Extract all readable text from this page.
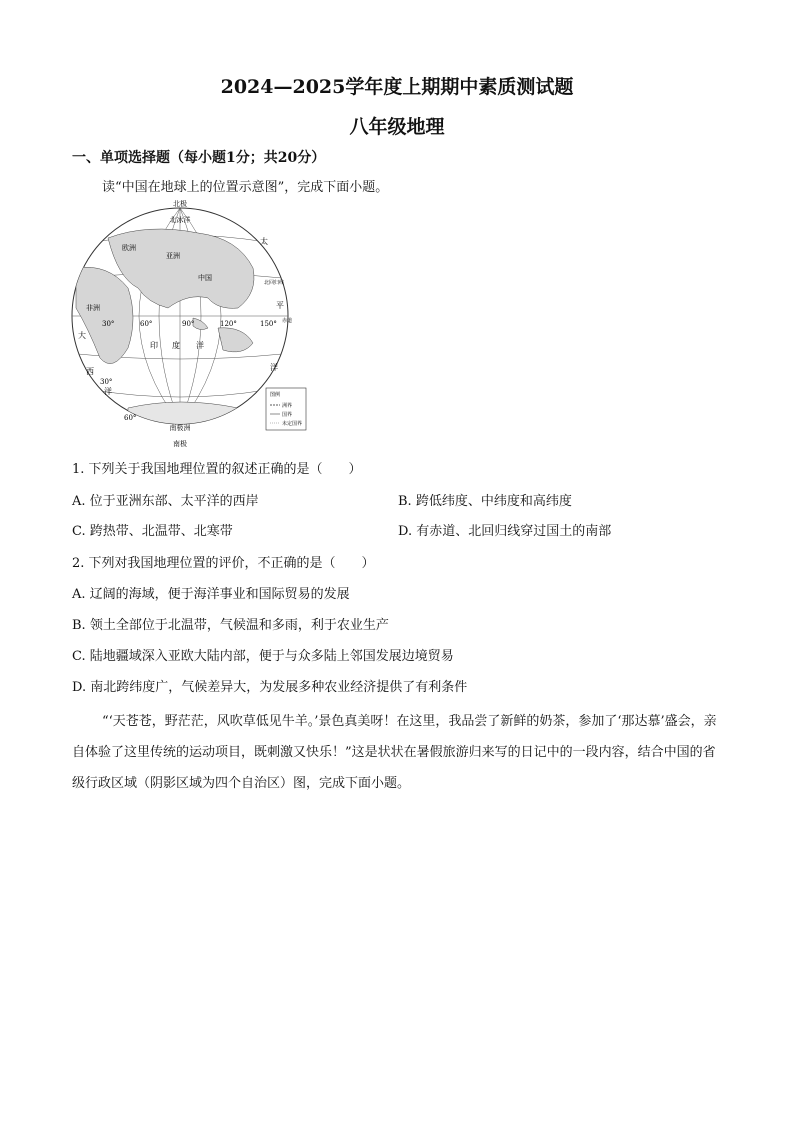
2024—2025学年度上期期中素质测试题
八年级地理
一、单项选择题（每小题1分；共20分）
读“中国在地球上的位置示意图”，完成下面小题。
北极
北冰洋
欧洲
亚洲
中国
非洲
北回归线
赤道
太
平
洋
印 度 洋
大
西
洋
30°	60°	90°	120°	150°
60°
30°
南极洲
南极
图例
洲界
国界
未定国界
1. 下列关于我国地理位置的叙述正确的是（　　）
A. 位于亚洲东部、太平洋的西岸	B. 跨低纬度、中纬度和高纬度
C. 跨热带、北温带、北寒带	D. 有赤道、北回归线穿过国土的南部
2. 下列对我国地理位置的评价，不正确的是（　　）
A. 辽阔的海域，便于海洋事业和国际贸易的发展
B. 领土全部位于北温带，气候温和多雨，利于农业生产
C. 陆地疆域深入亚欧大陆内部，便于与众多陆上邻国发展边境贸易
D. 南北跨纬度广，气候差异大，为发展多种农业经济提供了有利条件
“‘天苍苍，野茫茫，风吹草低见牛羊。’景色真美呀！在这里，我品尝了新鲜的奶茶，参加了‘那达慕’盛会，亲自体验了这里传统的运动项目，既刺激又快乐！”这是状状在暑假旅游归来写的日记中的一段内容，结合中国的省级行政区域（阴影区域为四个自治区）图，完成下面小题。
